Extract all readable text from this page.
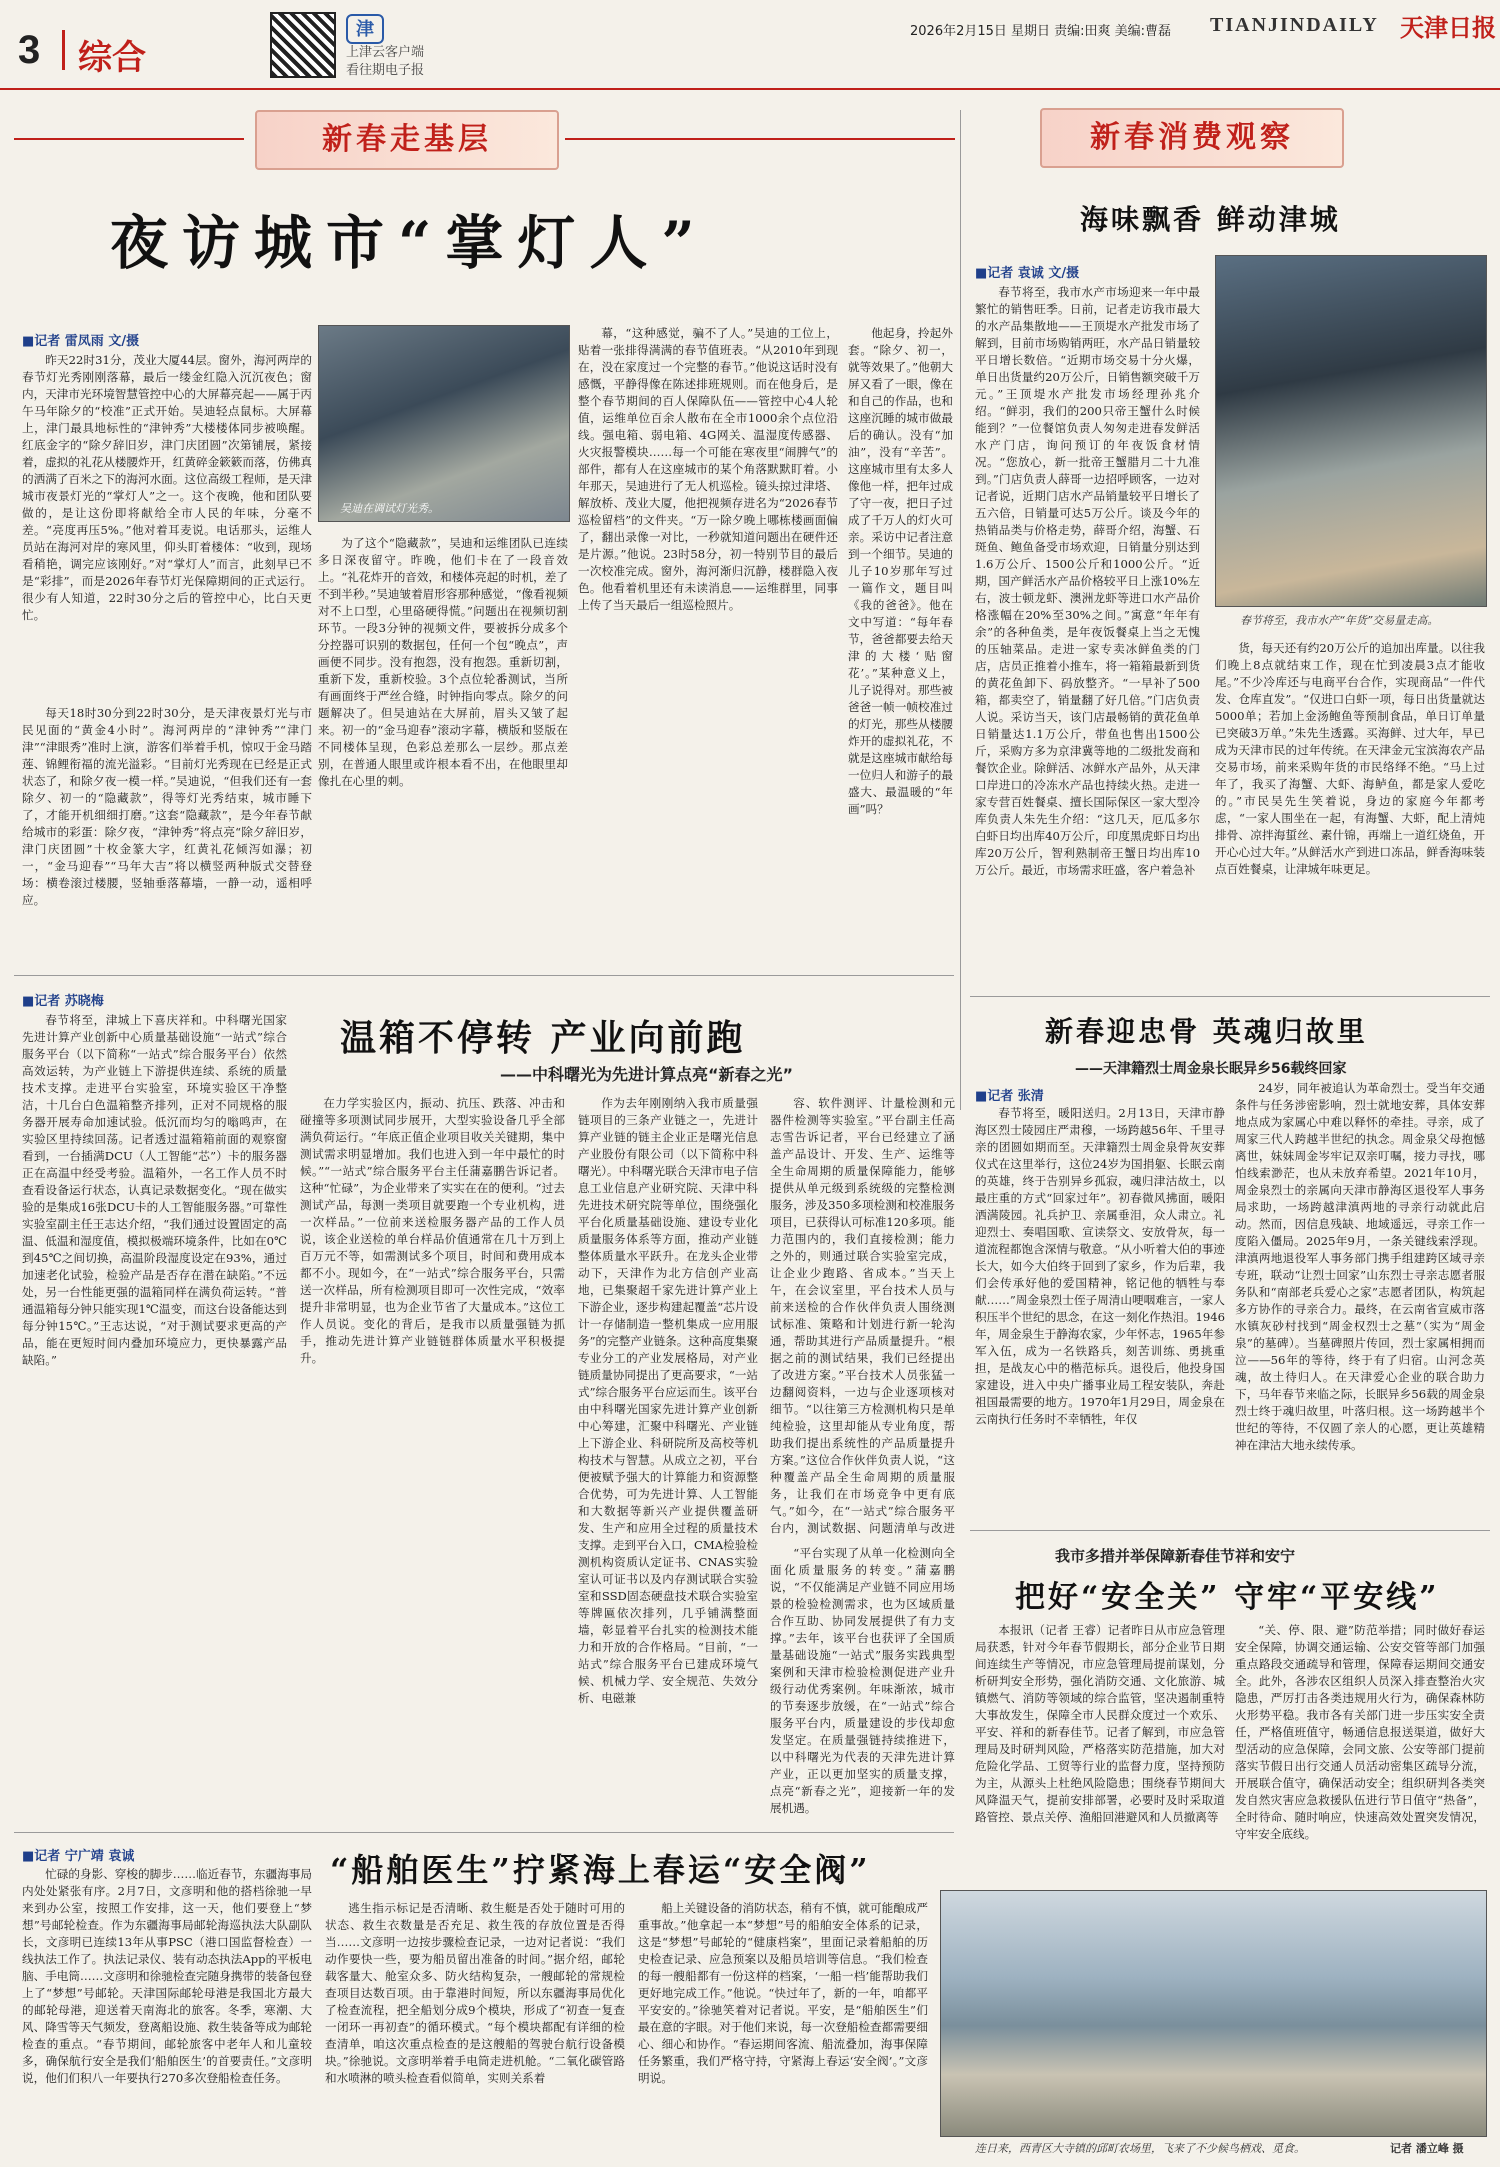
3 综合
津
上津云客户端
看往期电子报
2026年2月15日 星期日 责编:田爽 美编:曹磊 TIANJINDAILY 天津日报
新春走基层
夜访城市“掌灯人”
■记者 雷凤雨 文/摄

昨天22时31分，茂业大厦44层。窗外，海河两岸的春节灯光秀刚刚落幕，最后一缕金红隐入沉沉夜色；窗内，天津市光环境智慧管控中心的大屏幕亮起——属于丙午马年除夕的“校准”正式开始。吴迪轻点鼠标。大屏幕上，津门最具地标性的“津钟秀”大楼楼体同步被唤醒。红底金字的“除夕辞旧岁，津门庆团圆”次第铺展，紧接着，虚拟的礼花从楼腰炸开，红黄碎金簌簌而落，仿佛真的洒满了百米之下的海河水面。这位高级工程师，是天津城市夜景灯光的“掌灯人”之一。这个夜晚，他和团队要做的，是让这份即将献给全市人民的年味，分毫不差。“亮度再压5%。”他对着耳麦说。电话那头，运维人员站在海河对岸的寒风里，仰头盯着楼体：“收到，现场看稍艳，调完应该刚好。”对“掌灯人”而言，此刻早已不是“彩排”，而是2026年春节灯光保障期间的正式运行。很少有人知道，22时30分之后的管控中心，比白天更忙。

每天18时30分到22时30分，是天津夜景灯光与市民见面的“黄金4小时”。海河两岸的“津钟秀”“津门津”“津眼秀”准时上演，游客们举着手机，惊叹于金马踏莲、锦鲤衔福的流光溢彩。“目前灯光秀现在已经是正式状态了，和除夕夜一模一样。”吴迪说，“但我们还有一套除夕、初一的“隐藏款”，得等灯光秀结束，城市睡下了，才能开机细细打磨。”这套“隐藏款”，是今年春节献给城市的彩蛋：除夕夜，“津钟秀”将点亮“除夕辞旧岁，津门庆团圆”十枚金篆大字，红黄礼花倾泻如瀑；初一，“金马迎春”“马年大吉”将以横竖两种版式交替登场：横卷滚过楼腰，竖轴垂落幕墙，一静一动，遥相呼应。

吴迪在调试灯光秀。

为了这个“隐藏款”，吴迪和运维团队已连续多日深夜留守。昨晚，他们卡在了一段音效上。“礼花炸开的音效，和楼体亮起的时机，差了不到半秒。”吴迪皱着眉形容那种感觉，“像看视频对不上口型，心里硌硬得慌。”问题出在视频切割环节。一段3分钟的视频文件，要被拆分成多个分控器可识别的数据包，任何一个包“晚点”，声画便不同步。没有抱怨，没有抱怨。重新切割，重新下发，重新校验。3个点位轮番测试，当所有画面终于严丝合缝，时钟指向零点。除夕的问题解决了。但吴迪站在大屏前，眉头又皱了起来。初一的“金马迎春”滚动字幕，横版和竖版在不同楼体呈现，色彩总差那么一层纱。那点差别，在普通人眼里或许根本看不出，在他眼里却像扎在心里的刺。

幕，“这种感觉，骗不了人。”吴迪的工位上，贴着一张排得满满的春节值班表。“从2010年到现在，没在家度过一个完整的春节。”他说这话时没有感慨，平静得像在陈述排班规则。而在他身后，是整个春节期间的百人保障队伍——管控中心4人轮值，运维单位百余人散布在全市1000余个点位沿线。强电箱、弱电箱、4G网关、温湿度传感器、火灾报警模块……每一个可能在寒夜里“闹脾气”的部件，都有人在这座城市的某个角落默默盯着。小年那天，吴迪进行了无人机巡检。镜头掠过津塔、解放桥、茂业大厦，他把视频存进名为“2026春节巡检留档”的文件夹。“万一除夕晚上哪栋楼画面偏了，翻出录像一对比，一秒就知道问题出在硬件还是片源。”他说。23时58分，初一特别节目的最后一次校准完成。窗外，海河渐归沉静，楼群隐入夜色。他看着机里还有未读消息——运维群里，同事上传了当天最后一组巡检照片。

新春消费观察
海味飘香 鲜动津城
■记者 袁诚 文/摄

春节将至，我市水产市场迎来一年中最繁忙的销售旺季。日前，记者走访我市最大的水产品集散地——王顶堤水产批发市场了解到，目前市场购销两旺，水产品日销量较平日增长数倍。“近期市场交易十分火爆，单日出货量约20万公斤，日销售额突破千万元。”王顶堤水产批发市场经理孙兆介绍。“鲜羽，我们的200只帝王蟹什么时候能到？”一位餐馆负责人匆匆走进春发鲜活水产门店，询问预订的年夜饭食材情况。“您放心，新一批帝王蟹腊月二十九准到。”门店负责人薛哥一边招呼顾客，一边对记者说，近期门店水产品销量较平日增长了五六倍，日销量可达5万公斤。谈及今年的热销品类与价格走势，薛哥介绍，海蟹、石斑鱼、鲍鱼备受市场欢迎，日销量分别达到1.6万公斤、1500公斤和1000公斤。“近期，国产鲜活水产品价格较平日上涨10%左右，波士顿龙虾、澳洲龙虾等进口水产品价格涨幅在20%至30%之间。”寓意“年年有余”的各种鱼类，是年夜饭餐桌上当之无愧的压轴菜品。走进一家专卖冰鲜鱼类的门店，店员正推着小推车，将一箱箱最新到货的黄花鱼卸下、码放整齐。“一早补了500箱，都卖空了，销量翻了好几倍。”门店负责人说。采访当天，该门店最畅销的黄花鱼单日销量达1.1万公斤，带鱼也售出1500公斤，采购方多为京津冀等地的二级批发商和餐饮企业。除鲜活、冰鲜水产品外，从天津口岸进口的冷冻水产品也持续火热。走进一家专营百姓餐桌、擅长国际保区一家大型冷库负责人朱先生介绍：“这几天，厄瓜多尔白虾日均出库40万公斤，印度黑虎虾日均出库20万公斤，智利熟制帝王蟹日均出库10万公斤。最近，市场需求旺盛，客户着急补

春节将至，我市水产“年货”交易量走高。

货，每天还有约20万公斤的追加出库量。以往我们晚上8点就结束工作，现在忙到凌晨3点才能收尾。”不少冷库还与电商平台合作，实现商品“一件代发、仓库直发”。“仅进口白虾一项，每日出货量就达5000单；若加上金汤鲍鱼等预制食品，单日订单量已突破3万单。”朱先生透露。买海鲜、过大年，早已成为天津市民的过年传统。在天津金元宝滨海农产品交易市场，前来采购年货的市民络绎不绝。“马上过年了，我买了海蟹、大虾、海鲈鱼，都是家人爱吃的。”市民吴先生笑着说，身边的家庭今年都考虑，“一家人围坐在一起，有海蟹、大虾，配上清炖排骨、凉拌海蜇丝、素什锦，再端上一道红烧鱼，开开心心过大年。”从鲜活水产到进口冻品，鲜香海味装点百姓餐桌，让津城年味更足。

新春迎忠骨 英魂归故里
——天津籍烈士周金泉长眠异乡56载终回家
■记者 张清

春节将至，暖阳送归。2月13日，天津市静海区烈士陵园庄严肃穆，一场跨越56年、千里寻亲的团圆如期而至。天津籍烈士周金泉骨灰安葬仪式在这里举行，这位24岁为国捐躯、长眠云南的英雄，终于告别异乡孤寂，魂归津沽故土，以最庄重的方式“回家过年”。初春微风拂面，暖阳洒满陵园。礼兵护卫、亲属垂泪，众人肃立。礼迎烈士、奏唱国歌、宣读祭文、安放骨灰，每一道流程都饱含深情与敬意。“从小听着大伯的事迹长大，如今大伯终于回到了家乡，作为后辈，我们会传承好他的爱国精神，铭记他的牺牲与奉献……”周金泉烈士侄子周清山哽咽难言，一家人积压半个世纪的思念，在这一刻化作热泪。1946年，周金泉生于静海农家，少年怀志，1965年参军入伍，成为一名铁路兵，刻苦训练、勇挑重担，是战友心中的楷范标兵。退役后，他投身国家建设，进入中央广播事业局工程安装队，奔赴祖国最需要的地方。1970年1月29日，周金泉在云南执行任务时不幸牺牲，年仅

24岁，同年被追认为革命烈士。受当年交通条件与任务涉密影响，烈士就地安葬，具体安葬地点成为家属心中难以释怀的牵挂。寻亲，成了周家三代人跨越半世纪的执念。周金泉父母抱憾离世，妹妹周金岑牢记双亲叮嘱，接力寻找，哪怕线索渺茫，也从未放弃希望。2021年10月，周金泉烈士的亲属向天津市静海区退役军人事务局求助，一场跨越津滇两地的寻亲行动就此启动。然而，因信息残缺、地域遥远，寻亲工作一度陷入僵局。2025年9月，一条关键线索浮现。津滇两地退役军人事务部门携手组建跨区域寻亲专班，联动“让烈士回家”山东烈士寻亲志愿者服务队和“南部老兵爱心之家”志愿者团队，构筑起多方协作的寻亲合力。最终，在云南省宣威市落水镇灰砂村找到“周金权烈士之墓”（实为“周金泉”的墓碑）。当墓碑照片传回，烈士家属相拥而泣——56年的等待，终于有了归宿。山河念英魂，故土待归人。在天津爱心企业的联合助力下，马年春节来临之际，长眠异乡56载的周金泉烈士终于魂归故里，叶落归根。这一场跨越半个世纪的等待，不仅圆了亲人的心愿，更让英雄精神在津沽大地永续传承。

我市多措并举保障新春佳节祥和安宁
把好“安全关” 守牢“平安线”

本报讯（记者 王睿）记者昨日从市应急管理局获悉，针对今年春节假期长，部分企业节日期间连续生产等情况，市应急管理局提前谋划，分析研判安全形势，强化消防交通、文化旅游、城镇燃气、消防等领域的综合监管，坚决遏制重特大事故发生，保障全市人民群众度过一个欢乐、平安、祥和的新春佳节。记者了解到，市应急管理局及时研判风险，严格落实防范措施，加大对危险化学品、工贸等行业的监督力度，坚持预防为主，从源头上杜绝风险隐患；围绕春节期间大风降温天气，提前安排部署，必要时及时采取道路管控、景点关停、渔船回港避风和人员撤离等

“关、停、限、避”防范举措；同时做好春运安全保障，协调交通运输、公安交管等部门加强重点路段交通疏导和管理，保障春运期间交通安全。此外，各涉农区组织人员深入排查整治火灾隐患，严厉打击各类违规用火行为，确保森林防火形势平稳。我市各有关部门进一步压实安全责任，严格值班值守，畅通信息报送渠道，做好大型活动的应急保障，会同文旅、公安等部门提前落实节假日出行交通人员活动密集区疏导分流，开展联合值守，确保活动安全；组织研判各类突发自然灾害应急救援队伍进行节日值守“热备”，全时待命、随时响应，快速高效处置突发情况，守牢安全底线。

连日来，西青区大寺镇的邱町农场里，飞来了不少候鸟栖戏、觅食。	记者 潘立峰 摄
■记者 苏晓梅
温箱不停转 产业向前跑
——中科曙光为先进计算点亮“新春之光”

春节将至，津城上下喜庆祥和。中科曙光国家先进计算产业创新中心质量基础设施“一站式”综合服务平台（以下简称“一站式”综合服务平台）依然高效运转，为产业链上下游提供连续、系统的质量技术支撑。走进平台实验室，环境实验区干净整洁，十几台白色温箱整齐排列，正对不同规格的服务器开展寿命加速试验。低沉而均匀的嗡鸣声，在实验区里持续回荡。记者透过温箱箱前面的观察窗看到，一台插满DCU（人工智能“芯”）卡的服务器正在高温中经受考验。温箱外，一名工作人员不时查看设备运行状态，认真记录数据变化。“现在做实验的是集成16张DCU卡的人工智能服务器。”可靠性实验室副主任王志达介绍，“我们通过设置固定的高温、低温和湿度值，模拟极端环境条件，比如在0℃到45℃之间切换，高温阶段湿度设定在93%，通过加速老化试验，检验产品是否存在潜在缺陷。”不远处，另一台性能更强的温箱同样在满负荷运转。“普通温箱每分钟只能实现1℃温变，而这台设备能达到每分钟15℃。”王志达说，“对于测试要求更高的产品，能在更短时间内叠加环境应力，更快暴露产品缺陷。”

在力学实验区内，振动、抗压、跌落、冲击和碰撞等多项测试同步展开，大型实验设备几乎全部满负荷运行。“年底正值企业项目收关关键期，集中测试需求明显增加。我们也进入到一年中最忙的时候。”“一站式”综合服务平台主任蒲嘉鹏告诉记者。这种“忙碌”，为企业带来了实实在在的便利。“过去测试产品，每测一类项目就要跑一个专业机构，进一次样品。”一位前来送检服务器产品的工作人员说，该企业送检的单台样品价值通常在几十万到上百万元不等，如需测试多个项目，时间和费用成本都不小。现如今，在“一站式”综合服务平台，只需送一次样品，所有检测项目即可一次性完成，“效率提升非常明显，也为企业节省了大量成本。”这位工作人员说。变化的背后，是我市以质量强链为抓手，推动先进计算产业链链群体质量水平积极提升。

作为去年刚刚纳入我市质量强链项目的三条产业链之一，先进计算产业链的链主企业正是曙光信息产业股份有限公司（以下简称中科曙光）。中科曙光联合天津市电子信息工业信息产业研究院、天津中科先进技术研究院等单位，围绕强化平台化质量基础设施、建设专业化质量服务体系等方面，推动产业链整体质量水平跃升。在龙头企业带动下，天津作为北方信创产业高地，已集聚超千家先进计算产业上下游企业，逐步构建起覆盖“芯片设计一存储制造一整机集成一应用服务”的完整产业链条。这种高度集聚专业分工的产业发展格局，对产业链质量协同提出了更高要求，“一站式”综合服务平台应运而生。该平台由中科曙光国家先进计算产业创新中心筹建，汇聚中科曙光、产业链上下游企业、科研院所及高校等机构技术与智慧。从成立之初，平台便被赋予强大的计算能力和资源整合优势，可为先进计算、人工智能和大数据等新兴产业提供覆盖研发、生产和应用全过程的质量技术支撑。走到平台入口，CMA检验检测机构资质认定证书、CNAS实验室认可证书以及内存测试联合实验室和SSD固态硬盘技术联合实验室等牌匾依次排列，几乎铺满整面墙，彰显着平台扎实的检测技术能力和开放的合作格局。“目前，“一站式”综合服务平台已建成环境气候、机械力学、安全规范、失效分析、电磁兼

容、软件测评、计量检测和元器件检测等实验室。”平台副主任高志雪告诉记者，平台已经建立了涵盖产品设计、开发、生产、运维等全生命周期的质量保障能力，能够提供从单元级到系统级的完整检测服务，涉及350多项检测和校准服务项目，已获得认可标准120多项。能力范围内的，我们直接检测；能力之外的，则通过联合实验室完成，让企业少跑路、省成本。”当天上午，在会议室里，平台技术人员与前来送检的合作伙伴负责人围绕测试标准、策略和计划进行新一轮沟通，帮助其进行产品质量提升。“根据之前的测试结果，我们已经提出了改进方案。”平台技术人员张猛一边翻阅资料，一边与企业逐项核对细节。“以往第三方检测机构只是单纯检验，这里却能从专业角度，帮助我们提出系统性的产品质量提升方案。”这位合作伙伴负责人说，“这种覆盖产品全生命周期的质量服务，让我们在市场竞争中更有底气。”如今，在“一站式”综合服务平台内，测试数据、问题清单与改进

“平台实现了从单一化检测向全面化质量服务的转变。”蒲嘉鹏说，“不仅能满足产业链不同应用场景的检验检测需求，也为区域质量合作互助、协同发展提供了有力支撑。”去年，该平台也获评了全国质量基础设施“一站式”服务实践典型案例和天津市检验检测促进产业升级行动优秀案例。年味渐浓，城市的节奏逐步放缓，在“一站式”综合服务平台内，质量建设的步伐却愈发坚定。在质量强链持续推进下，以中科曙光为代表的天津先进计算产业，正以更加坚实的质量支撑，点亮“新春之光”，迎接新一年的发展机遇。

■记者 宁广靖 袁诚	“船舶医生”拧紧海上春运“安全阀”

忙碌的身影、穿梭的脚步……临近春节，东疆海事局内处处紧张有序。2月7日，文彦明和他的搭档徐驰一早来到办公室，按照工作安排，这一天，他们要登上“梦想”号邮轮检查。作为东疆海事局邮轮海巡执法大队副队长，文彦明已连续13年从事PSC（港口国监督检查）一线执法工作了。执法记录仪、装有动态执法App的平板电脑、手电筒……文彦明和徐驰检查完随身携带的装备包登上了“梦想”号邮轮。天津国际邮轮母港是我国北方最大的邮轮母港，迎送着天南海北的旅客。冬季，寒潮、大风、降雪等天气频发，登离船设施、救生装备等成为邮轮检查的重点。“春节期间，邮轮旅客中老年人和儿童较多，确保航行安全是我们‘船舶医生’的首要责任。”文彦明说，他们们积八一年要执行270多次登船检查任务。

逃生指示标记是否清晰、救生艇是否处于随时可用的状态、救生衣数量是否充足、救生筏的存放位置是否得当……文彦明一边按步骤检查记录，一边对记者说：“我们动作要快一些，要为船员留出准备的时间。”据介绍，邮轮载客量大、舱室众多、防火结构复杂，一艘邮轮的常规检查项目达数百项。由于靠港时间短，所以东疆海事局优化了检查流程，把全船划分成9个模块，形成了“初查一复查一闭环一再初查”的循环模式。“每个模块都配有详细的检查清单，咱这次重点检查的是这艘船的驾驶台航行设备模块。”徐驰说。文彦明举着手电筒走进机舱。“二氧化碳管路和水喷淋的喷头检查看似简单，实则关系着

船上关键设备的消防状态，稍有不慎，就可能酿成严重事故。”他拿起一本“梦想”号的船舶安全体系的记录，这是“梦想”号邮轮的“健康档案”，里面记录着船舶的历史检查记录、应急预案以及船员培训等信息。“我们检查的每一艘船都有一份这样的档案，‘一船一档’能帮助我们更好地完成工作。”他说。“快过年了，新的一年，咱都平平安安的。”徐驰笑着对记者说。平安，是“船舶医生”们最在意的字眼。对于他们来说，每一次登船检查都需要细心、细心和协作。“春运期间客流、船流叠加，海事保障任务繁重，我们严格守持，守紧海上春运‘安全阀’。”文彦明说。

他起身，拎起外套。“除夕、初一，就等效果了。”他朝大屏又看了一眼，像在和自己的作品，也和这座沉睡的城市做最后的确认。没有“加油”，没有“辛苦”。这座城市里有太多人像他一样，把年过成了守一夜，把日子过成了千万人的灯火可亲。采访中记者注意到一个细节。吴迪的儿子10岁那年写过一篇作文，题目叫《我的爸爸》。他在文中写道：“每年春节，爸爸都要去给天津的大楼‘贴窗花’。”某种意义上，儿子说得对。那些被爸爸一帧一帧校准过的灯光，那些从楼腰炸开的虚拟礼花，不就是这座城市献给每一位归人和游子的最盛大、最温暖的“年画”吗？
